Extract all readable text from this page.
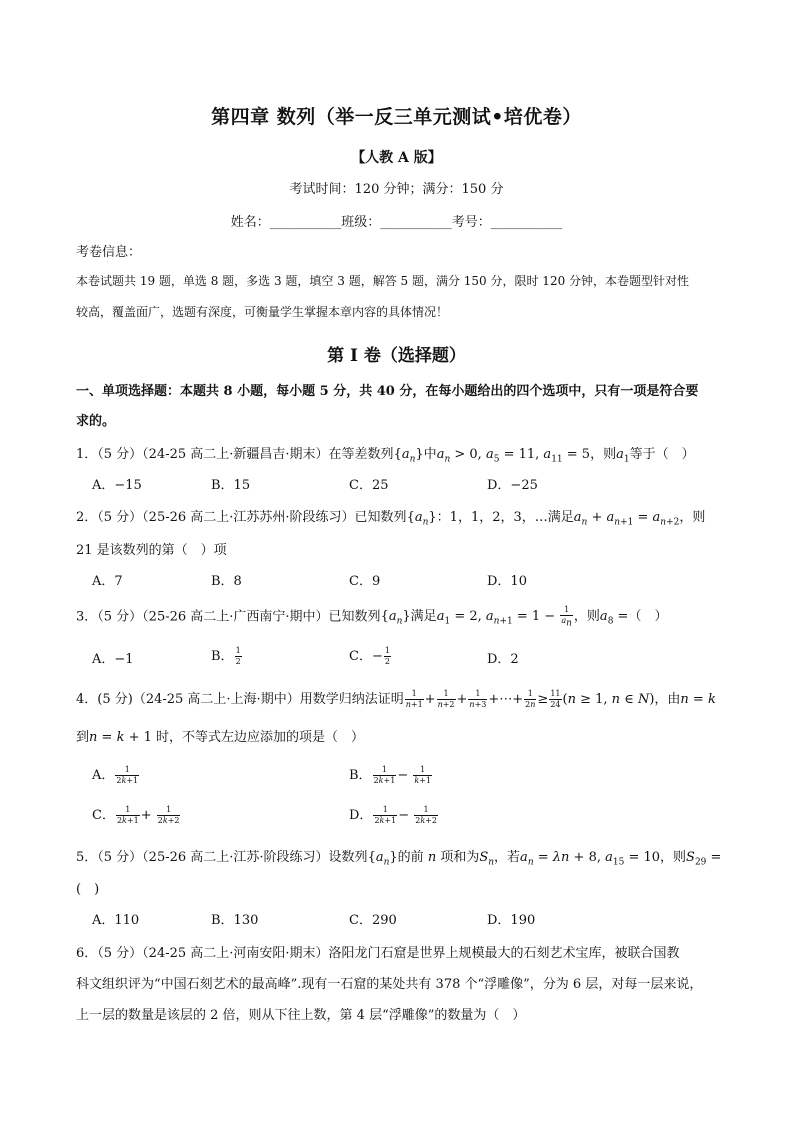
第四章 数列（举一反三单元测试•培优卷）
【人教 A 版】
考试时间：120 分钟；满分：150 分
姓名：___________班级：___________考号：___________
考卷信息：
本卷试题共 19 题，单选 8 题，多选 3 题，填空 3 题，解答 5 题，满分 150 分，限时 120 分钟，本卷题型针对性
较高，覆盖面广，选题有深度，可衡量学生掌握本章内容的具体情况！
第 I 卷（选择题）
一、单项选择题：本题共 8 小题，每小题 5 分，共 40 分，在每小题给出的四个选项中，只有一项是符合要
求的。
1．（5 分）（24-25 高二上·新疆昌吉·期末）在等差数列$\{a_n\}$中$a_n > 0$, $a_5 = 11$, $a_{11} = 5$，则$a_1$等于（　）
A．−15	B．15	C．25	D．−25
2．（5 分）（25-26 高二上·江苏苏州·阶段练习）已知数列$\{a_n\}$：1，1，2，3，…满足$a_n + a_{n+1} = a_{n+2}$，则
21 是该数列的第（　）项
A．7	B．8	C．9	D．10
3．（5 分）（25-26 高二上·广西南宁·期中）已知数列$\{a_n\}$满足$a_1 = 2$, $a_{n+1} = 1 - \frac{1}{a_n}$ ，则$a_8$ =（　）
A．−1	B． $\frac{1}{2}$	C．− $\frac{1}{2}$	D．2
4．(5 分)（24-25 高二上·上海·期中）用数学归纳法证明 $\frac{1}{n+1} + \frac{1}{n+2} + \frac{1}{n+3}$ +⋯+ $\frac{1}{2n} \ge \frac{11}{24} (n \ge 1$, n ∈ N)，由n = k
到n = k + 1 时，不等式左边应添加的项是（　）
A． $\frac{1}{2k+1}$	B． $\frac{1}{2k+1} - \frac{1}{k+1}$
C． $\frac{1}{2k+1} + \frac{1}{2k+2}$	D． $\frac{1}{2k+1} - \frac{1}{2k+2}$
5．（5 分）（25-26 高二上·江苏·阶段练习）设数列$\{a_n\}$的前 n 项和为$S_n$，若$a_n = \lambda n + 8$, $a_{15} = 10$，则$S_{29}$ =
(　)
A．110	B．130	C．290	D．190
6．（5 分）（24-25 高二上·河南安阳·期末）洛阳龙门石窟是世界上规模最大的石刻艺术宝库，被联合国教
科文组织评为“中国石刻艺术的最高峰”.现有一石窟的某处共有 378 个“浮雕像”，分为 6 层，对每一层来说，
上一层的数量是该层的 2 倍，则从下往上数，第 4 层“浮雕像”的数量为（　）
